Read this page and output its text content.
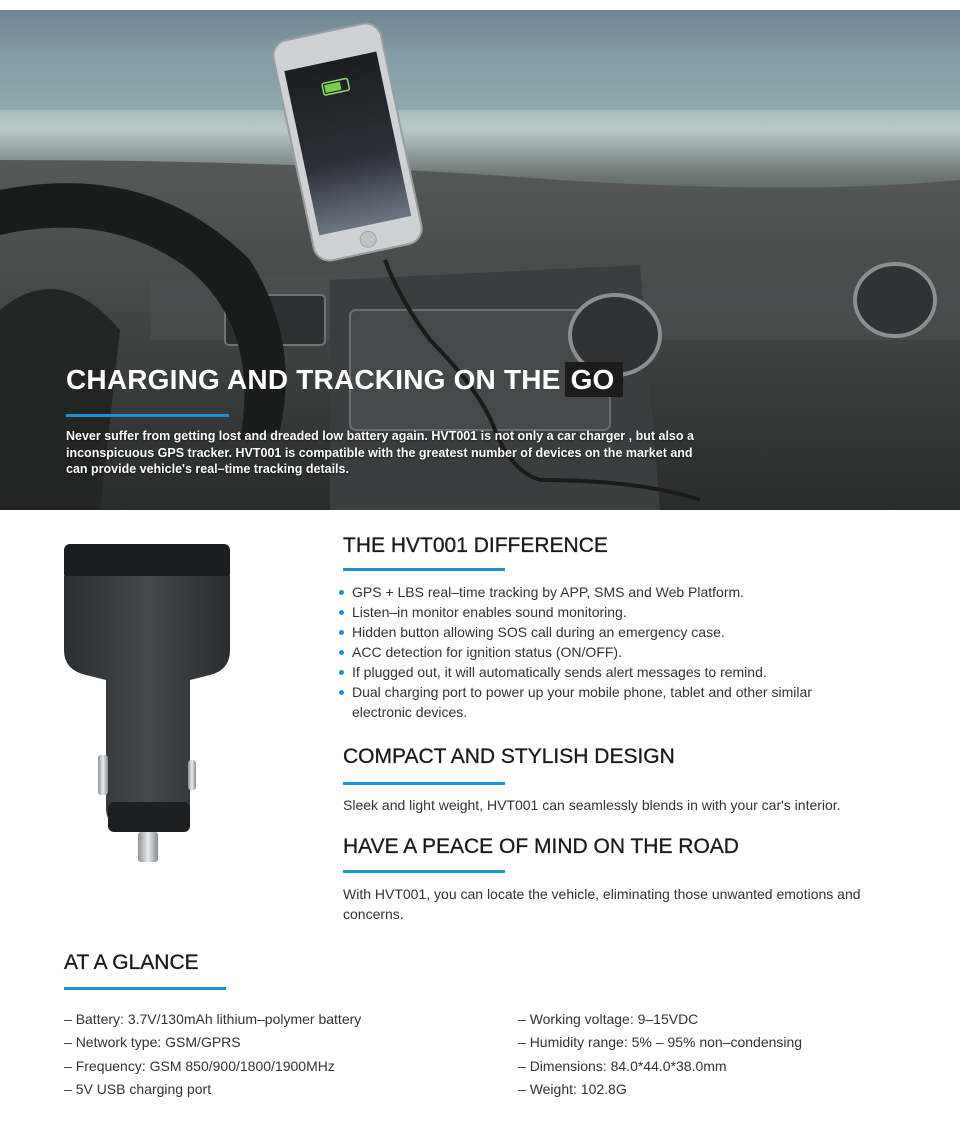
CHARGING AND TRACKING ON THE GO

Never suffer from getting lost and dreaded low battery again. HVT001 is not only a car charger , but also a inconspicuous GPS tracker. HVT001 is compatible with the greatest number of devices on the market and can provide vehicle's real–time tracking details.

THE HVT001 DIFFERENCE
GPS + LBS real–time tracking by APP, SMS and Web Platform.
Listen–in monitor enables sound monitoring.
Hidden button allowing SOS call during an emergency case.
ACC detection for ignition status (ON/OFF).
If plugged out, it will automatically sends alert messages to remind.
Dual charging port to power up your mobile phone, tablet and other similar electronic devices.
COMPACT AND STYLISH DESIGN

Sleek and light weight, HVT001 can seamlessly blends in with your car's interior.

HAVE A PEACE OF MIND ON THE ROAD

With HVT001, you can locate the vehicle, eliminating those unwanted emotions and concerns.

AT A GLANCE
– Battery: 3.7V/130mAh lithium–polymer battery
– Network type: GSM/GPRS
– Frequency: GSM 850/900/1800/1900MHz
– 5V USB charging port
– Working voltage: 9–15VDC
– Humidity range: 5% – 95% non–condensing
– Dimensions: 84.0*44.0*38.0mm
– Weight: 102.8G
